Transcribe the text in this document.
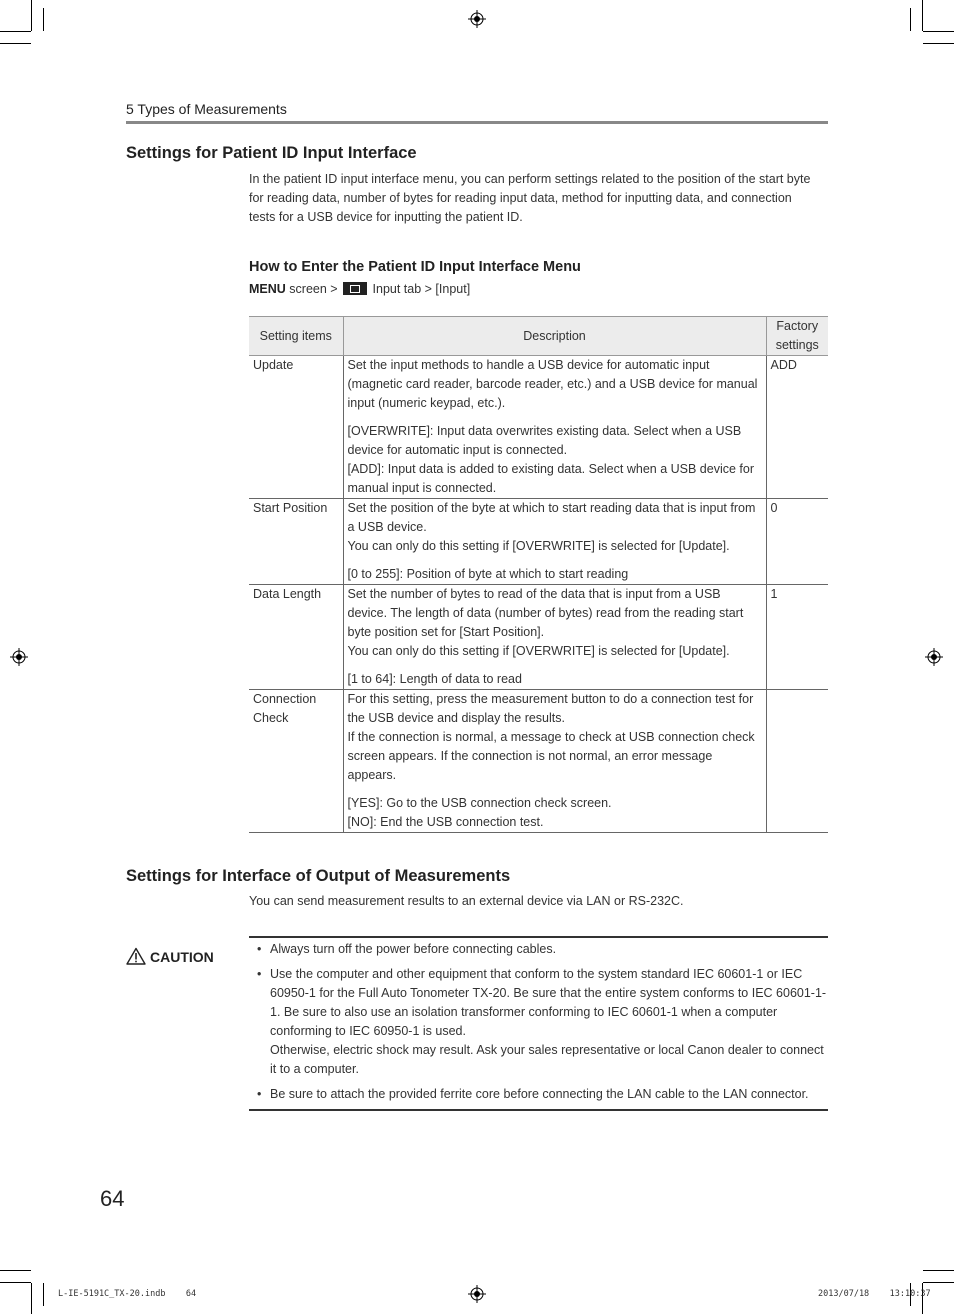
5 Types of Measurements
Settings for Patient ID Input Interface
In the patient ID input interface menu, you can perform settings related to the position of the start byte for reading data, number of bytes for reading input data, method for inputting data, and connection tests for a USB device for inputting the patient ID.
How to Enter the Patient ID Input Interface Menu
MENU screen >
Input tab > [Input]
Setting items	Description	Factory settings
Update	Set the input methods to handle a USB device for automatic input (magnetic card reader, barcode reader, etc.) and a USB device for manual input (numeric keypad, etc.).

[OVERWRITE]: Input data overwrites existing data. Select when a USB device for automatic input is connected.
[ADD]: Input data is added to existing data. Select when a USB device for manual input is connected.	ADD
Start Position	Set the position of the byte at which to start reading data that is input from a USB device.
You can only do this setting if [OVERWRITE] is selected for [Update].

[0 to 255]: Position of byte at which to start reading	0
Data Length	Set the number of bytes to read of the data that is input from a USB device. The length of data (number of bytes) read from the reading start byte position set for [Start Position].
You can only do this setting if [OVERWRITE] is selected for [Update].

[1 to 64]: Length of data to read	1
Connection Check	For this setting, press the measurement button to do a connection test for the USB device and display the results.
If the connection is normal, a message to check at USB connection check screen appears. If the connection is not normal, an error message appears.

[YES]: Go to the USB connection check screen.
[NO]: End the USB connection test.	

Settings for Interface of Output of Measurements
You can send measurement results to an external device via LAN or RS-232C.
CAUTION	• Always turn off the power before connecting cables.
• Use the computer and other equipment that conform to the system standard IEC 60601-1 or IEC 60950-1 for the Full Auto Tonometer TX-20. Be sure that the entire system conforms to IEC 60601-1-1. Be sure to also use an isolation transformer conforming to IEC 60601-1 when a computer conforming to IEC 60950-1 is used.
Otherwise, electric shock may result. Ask your sales representative or local Canon dealer to connect it to a computer.
• Be sure to attach the provided ferrite core before connecting the LAN cable to the LAN connector.
64
L-IE-5191C_TX-20.indb    64	2013/07/18    13:10:37
